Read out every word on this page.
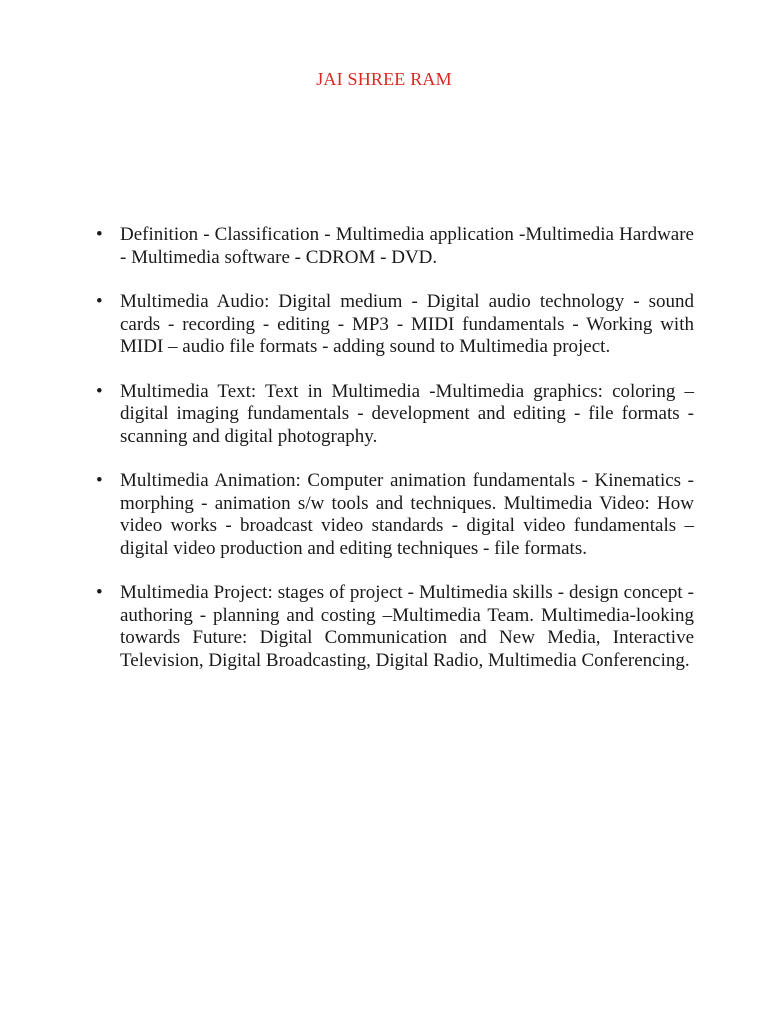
JAI SHREE RAM
• Definition - Classification - Multimedia application -Multimedia Hardware - Multimedia software - CDROM - DVD.
• Multimedia Audio: Digital medium - Digital audio technology - sound cards - recording - editing - MP3 - MIDI fundamentals - Working with MIDI – audio file formats - adding sound to Multimedia project.
• Multimedia Text: Text in Multimedia -Multimedia graphics: coloring – digital imaging fundamentals - development and editing - file formats - scanning and digital photography.
• Multimedia Animation: Computer animation fundamentals - Kinematics - morphing - animation s/w tools and techniques. Multimedia Video: How video works - broadcast video standards - digital video fundamentals – digital video production and editing techniques - file formats.
• Multimedia Project: stages of project - Multimedia skills - design concept - authoring - planning and costing –Multimedia Team. Multimedia-looking towards Future: Digital Communication and New Media, Interactive Television, Digital Broadcasting, Digital Radio, Multimedia Conferencing.
